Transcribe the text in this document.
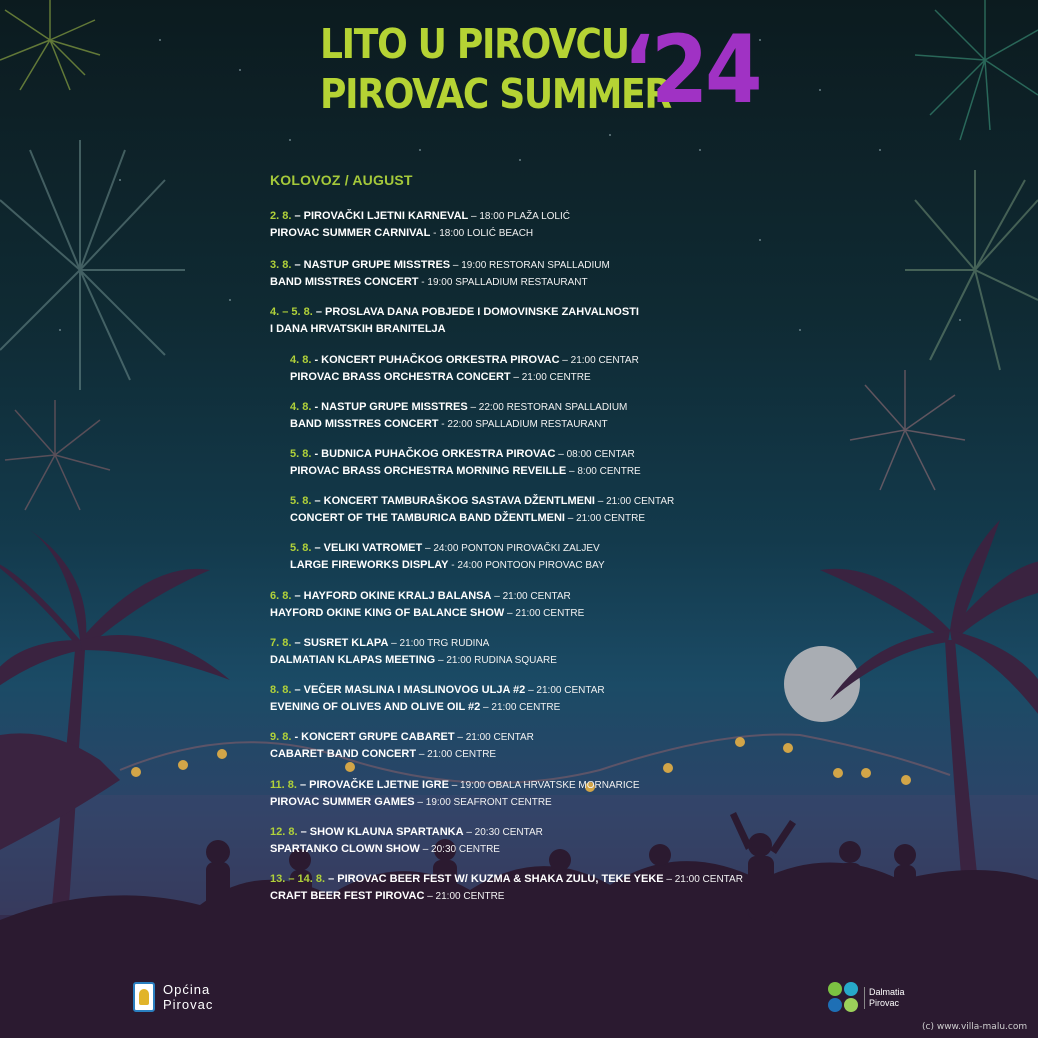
LITO U PIROVCU
PIROVAC SUMMER
‘24
KOLOVOZ / AUGUST
2. 8. – PIROVAČKI LJETNI KARNEVAL – 18:00 PLAŽA LOLIĆ
PIROVAC SUMMER CARNIVAL - 18:00 LOLIĆ BEACH
3. 8. – NASTUP GRUPE MISSTRES – 19:00 RESTORAN SPALLADIUM
BAND MISSTRES CONCERT - 19:00 SPALLADIUM RESTAURANT
4. – 5. 8. – PROSLAVA DANA POBJEDE I DOMOVINSKE ZAHVALNOSTI
I DANA HRVATSKIH BRANITELJA
4. 8. - KONCERT PUHAČKOG ORKESTRA PIROVAC – 21:00 CENTAR
PIROVAC BRASS ORCHESTRA CONCERT – 21:00 CENTRE
4. 8. - NASTUP GRUPE MISSTRES – 22:00 RESTORAN SPALLADIUM
BAND MISSTRES CONCERT - 22:00 SPALLADIUM RESTAURANT
5. 8. - BUDNICA PUHAČKOG ORKESTRA PIROVAC – 08:00 CENTAR
PIROVAC BRASS ORCHESTRA MORNING REVEILLE – 8:00 CENTRE
5. 8. – KONCERT TAMBURAŠKOG SASTAVA DŽENTLMENI – 21:00 CENTAR
CONCERT OF THE TAMBURICA BAND DŽENTLMENI – 21:00 CENTRE
5. 8. – VELIKI VATROMET – 24:00 PONTON PIROVAČKI ZALJEV
LARGE FIREWORKS DISPLAY - 24:00 PONTOON PIROVAC BAY
6. 8. – HAYFORD OKINE KRALJ BALANSA – 21:00 CENTAR
HAYFORD OKINE KING OF BALANCE SHOW – 21:00 CENTRE
7. 8. – SUSRET KLAPA – 21:00 TRG RUDINA
DALMATIAN KLAPAS MEETING – 21:00 RUDINA SQUARE
8. 8. – VEČER MASLINA I MASLINOVOG ULJA #2 – 21:00 CENTAR
EVENING OF OLIVES AND OLIVE OIL #2 – 21:00 CENTRE
9. 8. - KONCERT GRUPE CABARET – 21:00 CENTAR
CABARET BAND CONCERT – 21:00 CENTRE
11. 8. – PIROVAČKE LJETNE IGRE – 19:00 OBALA HRVATSKE MORNARICE
PIROVAC SUMMER GAMES – 19:00 SEAFRONT CENTRE
12. 8. – SHOW KLAUNA SPARTANKA – 20:30 CENTAR
SPARTANKO CLOWN SHOW – 20:30 CENTRE
13. – 14. 8. – PIROVAC BEER FEST W/ KUZMA & SHAKA ZULU, TEKE YEKE – 21:00 CENTAR
CRAFT BEER FEST PIROVAC – 21:00 CENTRE
Općina
Pirovac
Dalmatia
Pirovac
(c) www.villa-malu.com
